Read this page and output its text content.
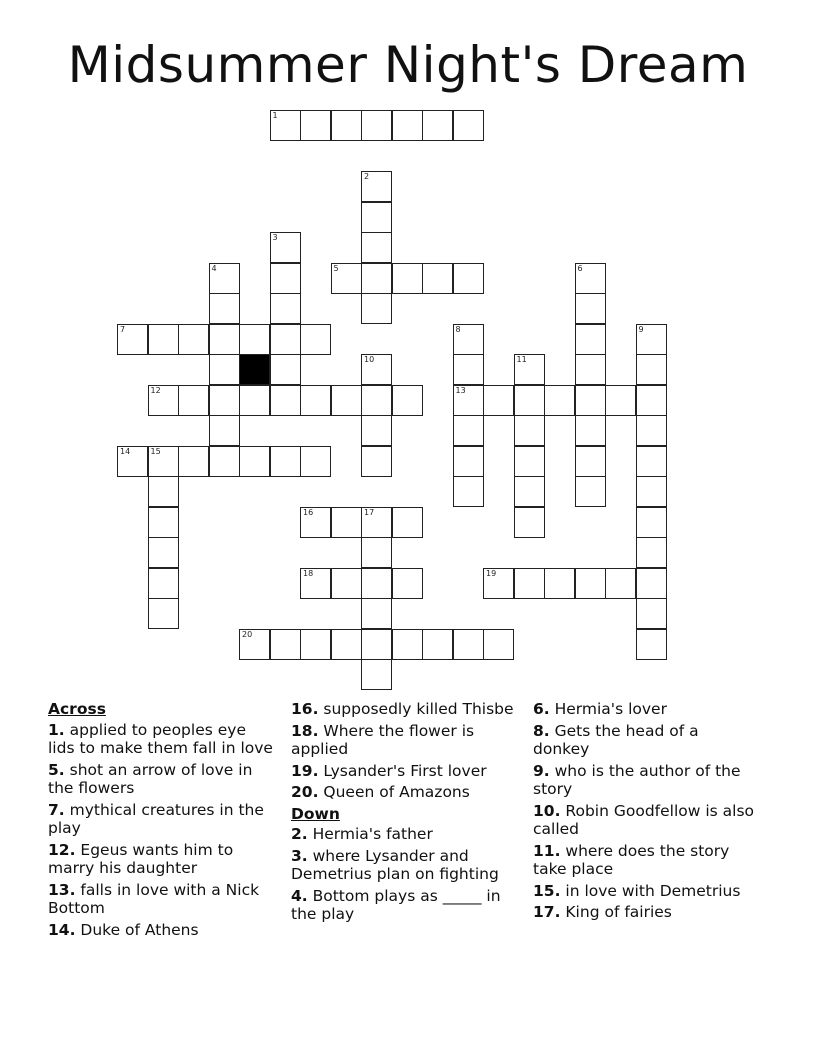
Midsummer Night's Dream
1
2
3
4	5	6
7	8	9
10	11
12	13
14	15
16	17
18	19
20
Across
1. applied to peoples eye lids to make them fall in love
5. shot an arrow of love in the flowers
7. mythical creatures in the play
12. Egeus wants him to marry his daughter
13. falls in love with a Nick Bottom
14. Duke of Athens
16. supposedly killed Thisbe
18. Where the flower is applied
19. Lysander's First lover
20. Queen of Amazons
Down
2. Hermia's father
3. where Lysander and Demetrius plan on fighting
4. Bottom plays as _____ in the play
6. Hermia's lover
8. Gets the head of a donkey
9. who is the author of the story
10. Robin Goodfellow is also called
11. where does the story take place
15. in love with Demetrius
17. King of fairies
